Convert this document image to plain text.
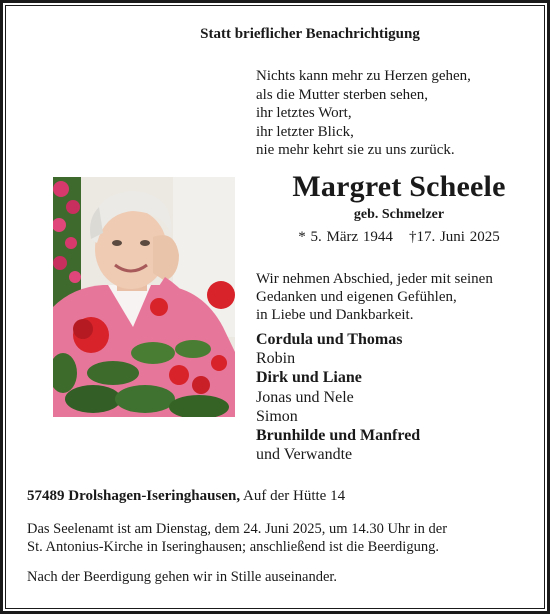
Statt brieflicher Benachrichtigung
Nichts kann mehr zu Herzen gehen,
als die Mutter sterben sehen,
ihr letztes Wort,
ihr letzter Blick,
nie mehr kehrt sie zu uns zurück.
Margret Scheele
geb. Schmelzer
* 5. März 1944 †17. Juni 2025
Wir nehmen Abschied, jeder mit seinen
Gedanken und eigenen Gefühlen,
in Liebe und Dankbarkeit.
Cordula und Thomas
Robin
Dirk und Liane
Jonas und Nele
Simon
Brunhilde und Manfred
und Verwandte
57489 Drolshagen-Iseringhausen, Auf der Hütte 14
Das Seelenamt ist am Dienstag, dem 24. Juni 2025, um 14.30 Uhr in der
St. Antonius-Kirche in Iseringhausen; anschließend ist die Beerdigung.
Nach der Beerdigung gehen wir in Stille auseinander.
